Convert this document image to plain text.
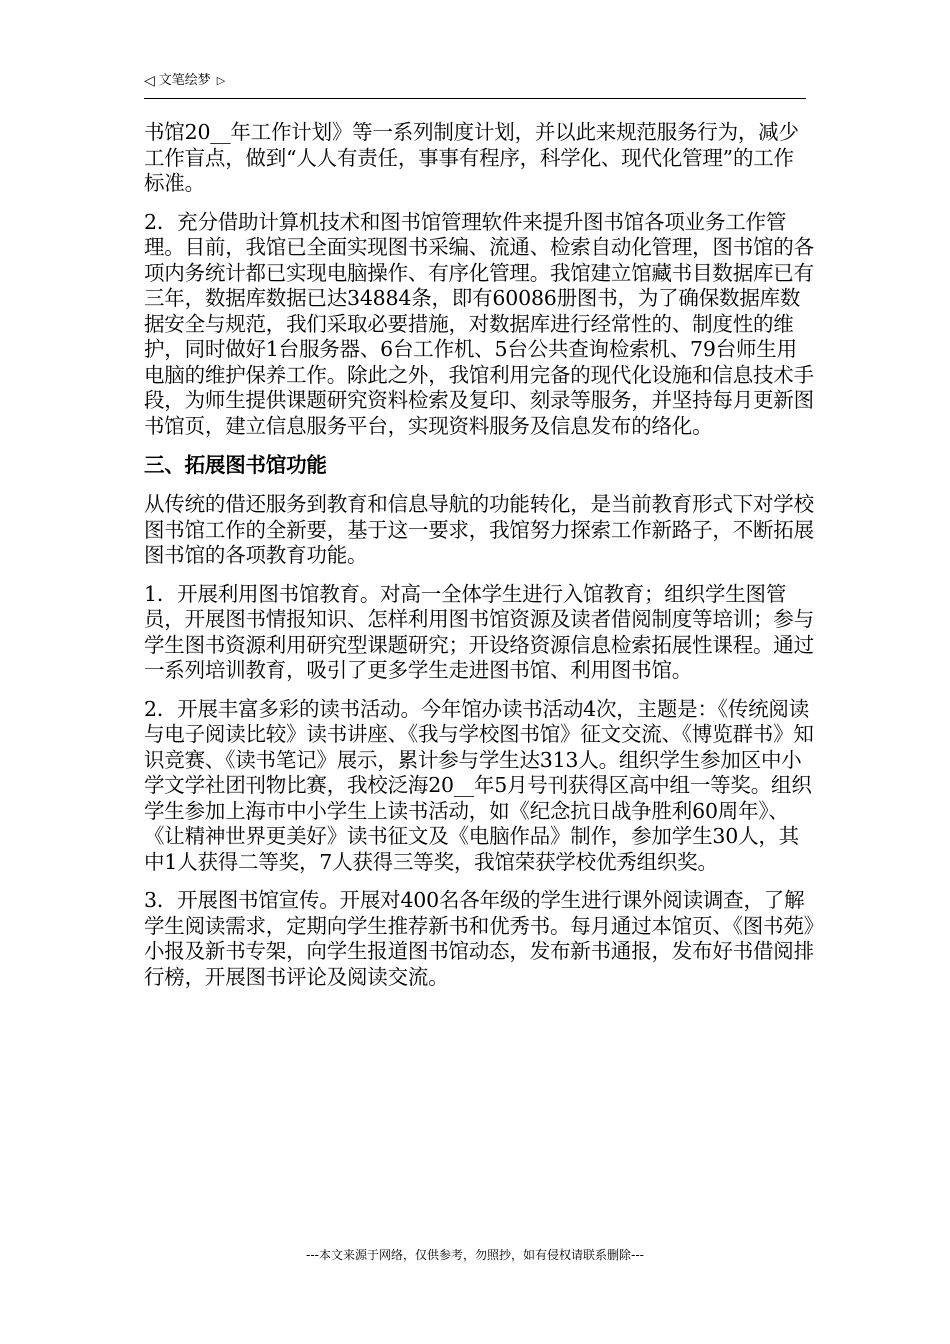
◁ 文笔绘梦 ▷

书馆20__年工作计划》等一系列制度计划，并以此来规范服务行为，减少工作盲点，做到“人人有责任，事事有程序，科学化、现代化管理”的工作标准。

2．充分借助计算机技术和图书馆管理软件来提升图书馆各项业务工作管理。目前，我馆已全面实现图书采编、流通、检索自动化管理，图书馆的各项内务统计都已实现电脑操作、有序化管理。我馆建立馆藏书目数据库已有三年，数据库数据已达34884条，即有60086册图书，为了确保数据库数据安全与规范，我们采取必要措施，对数据库进行经常性的、制度性的维护，同时做好1台服务器、6台工作机、5台公共查询检索机、79台师生用电脑的维护保养工作。除此之外，我馆利用完备的现代化设施和信息技术手段，为师生提供课题研究资料检索及复印、刻录等服务，并坚持每月更新图书馆页，建立信息服务平台，实现资料服务及信息发布的络化。

三、拓展图书馆功能

从传统的借还服务到教育和信息导航的功能转化，是当前教育形式下对学校图书馆工作的全新要，基于这一要求，我馆努力探索工作新路子，不断拓展图书馆的各项教育功能。

1．开展利用图书馆教育。对高一全体学生进行入馆教育；组织学生图管员，开展图书情报知识、怎样利用图书馆资源及读者借阅制度等培训；参与学生图书资源利用研究型课题研究；开设络资源信息检索拓展性课程。通过一系列培训教育，吸引了更多学生走进图书馆、利用图书馆。

2．开展丰富多彩的读书活动。今年馆办读书活动4次，主题是：《传统阅读与电子阅读比较》读书讲座、《我与学校图书馆》征文交流、《博览群书》知识竞赛、《读书笔记》展示，累计参与学生达313人。组织学生参加区中小学文学社团刊物比赛，我校泛海20__年5月号刊获得区高中组一等奖。组织学生参加上海市中小学生上读书活动，如《纪念抗日战争胜利60周年》、《让精神世界更美好》读书征文及《电脑作品》制作，参加学生30人，其中1人获得二等奖，7人获得三等奖，我馆荣获学校优秀组织奖。

3．开展图书馆宣传。开展对400名各年级的学生进行课外阅读调查，了解学生阅读需求，定期向学生推荐新书和优秀书。每月通过本馆页、《图书苑》小报及新书专架，向学生报道图书馆动态，发布新书通报，发布好书借阅排行榜，开展图书评论及阅读交流。

---本文来源于网络，仅供参考，勿照抄，如有侵权请联系删除---
